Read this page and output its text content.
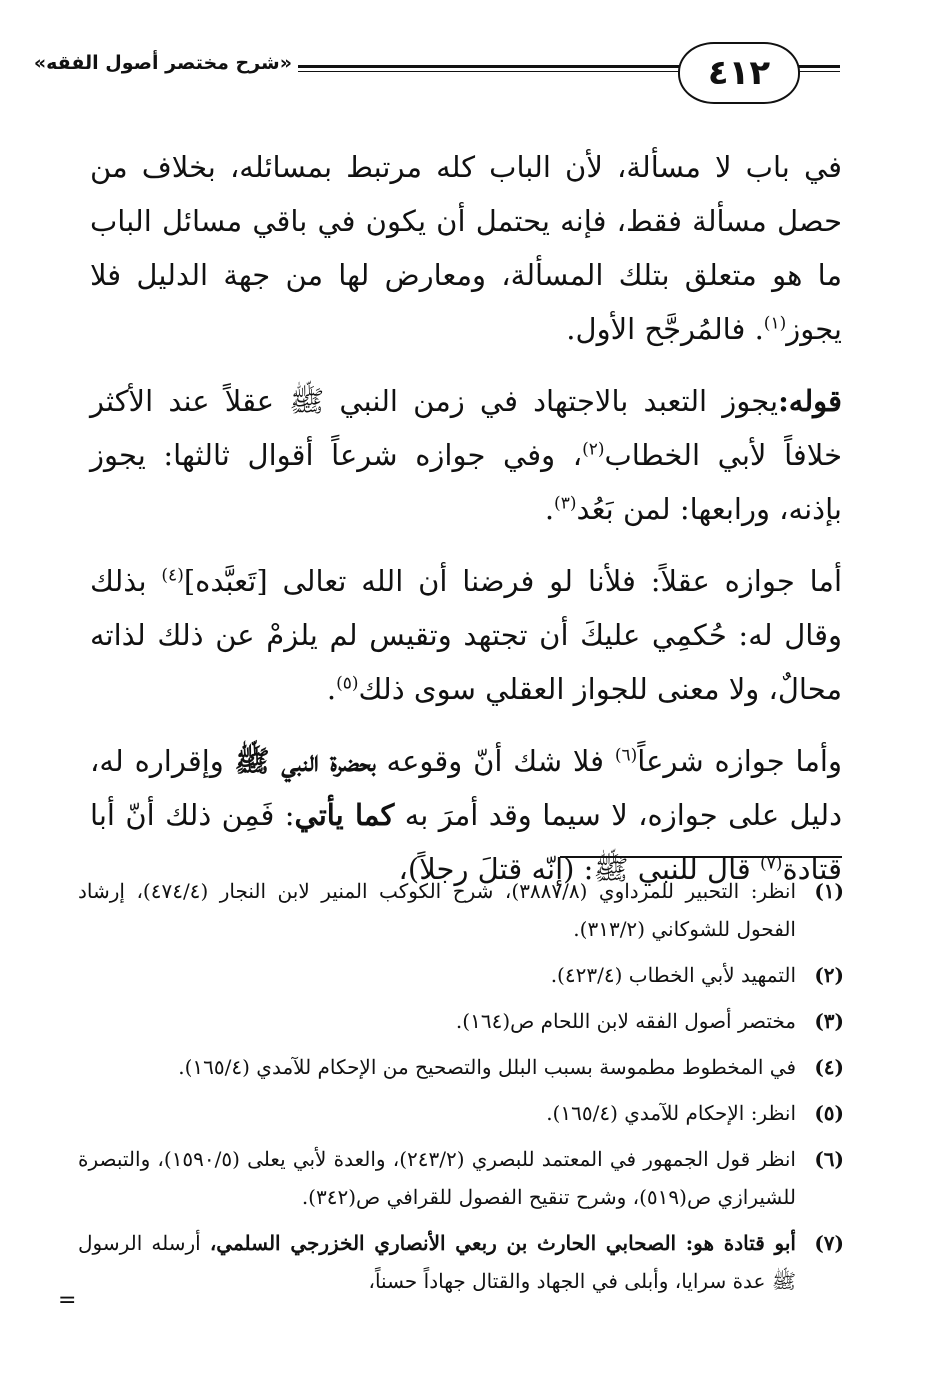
٤١٢
«شرح مختصر أصول الفقه»

في باب لا مسألة، لأن الباب كله مرتبط بمسائله، بخلاف من حصل مسألة فقط، فإنه يحتمل أن يكون في باقي مسائل الباب ما هو متعلق بتلك المسألة، ومعارض لها من جهة الدليل فلا يجوز$^{(١)}$. فالمُرجَّح الأول.

قوله:يجوز التعبد بالاجتهاد في زمن النبي ﷺ عقلاً عند الأكثر خلافاً لأبي الخطاب$^{(٢)}$، وفي جوازه شرعاً أقوال ثالثها: يجوز بإذنه، ورابعها: لمن بَعُد$^{(٣)}$.

أما جوازه عقلاً: فلأنا لو فرضنا أن الله تعالى [تَعبَّده]$^{(٤)}$ بذلك وقال له: حُكمِي عليكَ أن تجتهد وتقيس لم يلزمْ عن ذلك لذاته محالٌ، ولا معنى للجواز العقلي سوى ذلك$^{(٥)}$.

وأما جوازه شرعاً$^{(٦)}$ فلا شك أنّ وقوعه بحضرة النبي ﷺ وإقراره له، دليل على جوازه، لا سيما وقد أمرَ به كما يأتي: فَمِن ذلك أنّ أبا قتادة$^{(٧)}$ قال للنبي ﷺ: (إنّه قتلَ رجلاً)،

(١)
انظر: التحبير للمرداوي (٣٨٨٧/٨)، شرح الكوكب المنير لابن النجار (٤٧٤/٤)، إرشاد الفحول للشوكاني (٣١٣/٢).

(٢)
التمهيد لأبي الخطاب (٤٢٣/٤).

(٣)
مختصر أصول الفقه لابن اللحام ص(١٦٤).

(٤)
في المخطوط مطموسة بسبب البلل والتصحيح من الإحكام للآمدي (١٦٥/٤).

(٥)
انظر: الإحكام للآمدي (١٦٥/٤).

(٦)
انظر قول الجمهور في المعتمد للبصري (٢٤٣/٢)، والعدة لأبي يعلى (١٥٩٠/٥)، والتبصرة للشيرازي ص(٥١٩)، وشرح تنقيح الفصول للقرافي ص(٣٤٢).

(٧)
أبو قتادة هو: الصحابي الحارث بن ربعي الأنصاري الخزرجي السلمي، أرسله الرسول ﷺ عدة سرايا، وأبلى في الجهاد والقتال جهاداً حسناً،

=
